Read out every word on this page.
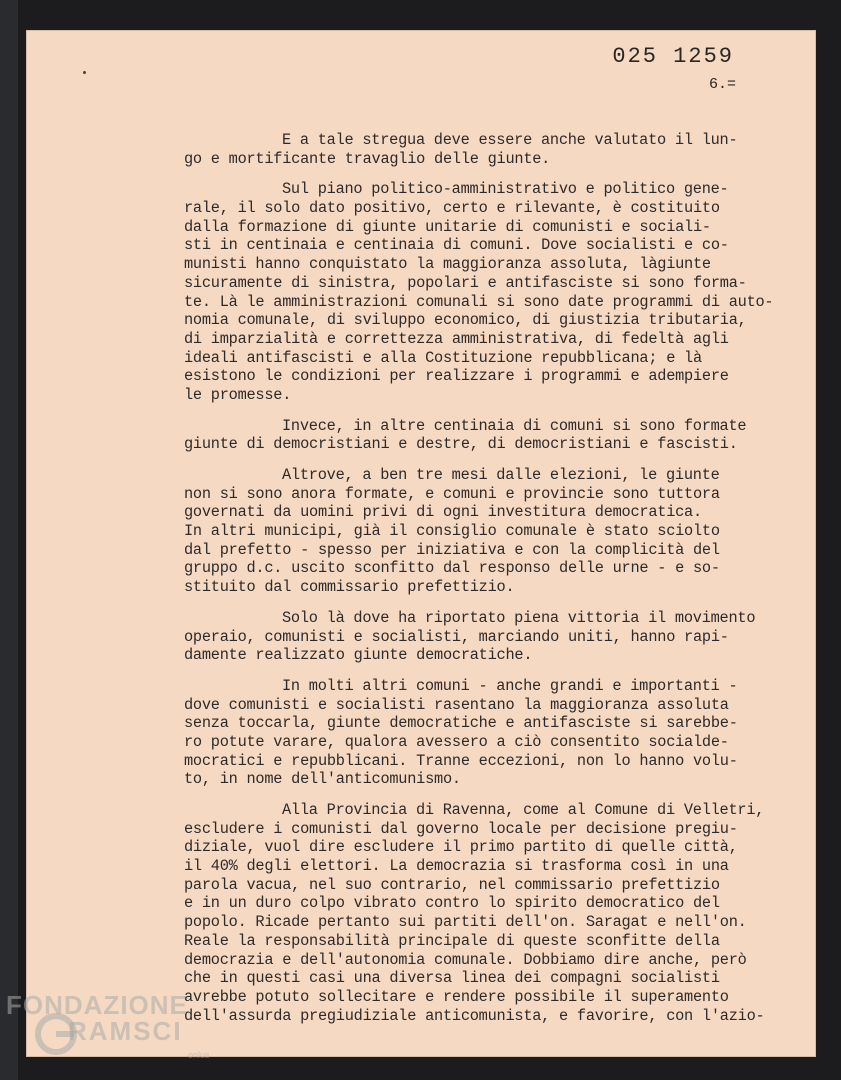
025 1259
6.=
E a tale stregua deve essere anche valutato il lun-
go e mortificante travaglio delle giunte.
Sul piano politico-amministrativo e politico gene-
rale, il solo dato positivo, certo e rilevante, è costituito
dalla formazione di giunte unitarie di comunisti e sociali-
sti in centinaia e centinaia di comuni. Dove socialisti e co-
munisti hanno conquistato la maggioranza assoluta, làgiunte
sicuramente di sinistra, popolari e antifasciste si sono forma-
te. Là le amministrazioni comunali si sono date programmi di auto-
nomia comunale, di sviluppo economico, di giustizia tributaria,
di imparzialità e correttezza amministrativa, di fedeltà agli
ideali antifascisti e alla Costituzione repubblicana; e là
esistono le condizioni per realizzare i programmi e adempiere
le promesse.
Invece, in altre centinaia di comuni si sono formate
giunte di democristiani e destre, di democristiani e fascisti.
Altrove, a ben tre mesi dalle elezioni, le giunte
non si sono anora formate, e comuni e provincie sono tuttora
governati da uomini privi di ogni investitura democratica.
In altri municipi, già il consiglio comunale è stato sciolto
dal prefetto - spesso per iniziativa e con la complicità del
gruppo d.c. uscito sconfitto dal responso delle urne - e so-
stituito dal commissario prefettizio.
Solo là dove ha riportato piena vittoria il movimento
operaio, comunisti e socialisti, marciando uniti, hanno rapi-
damente realizzato giunte democratiche.
In molti altri comuni - anche grandi e importanti -
dove comunisti e socialisti rasentano la maggioranza assoluta
senza toccarla, giunte democratiche e antifasciste si sarebbe-
ro potute varare, qualora avessero a ciò consentito socialde-
mocratici e repubblicani. Tranne eccezioni, non lo hanno volu-
to, in nome dell'anticomunismo.
Alla Provincia di Ravenna, come al Comune di Velletri,
escludere i comunisti dal governo locale per decisione pregiu-
diziale, vuol dire escludere il primo partito di quelle città,
il 40% degli elettori. La democrazia si trasforma così in una
parola vacua, nel suo contrario, nel commissario prefettizio
e in un duro colpo vibrato contro lo spirito democratico del
popolo. Ricade pertanto sui partiti dell'on. Saragat e nell'on.
Reale la responsabilità principale di queste sconfitte della
democrazia e dell'autonomia comunale. Dobbiamo dire anche, però
che in questi casi una diversa linea dei compagni socialisti
avrebbe potuto sollecitare e rendere possibile il superamento
dell'assurda pregiudiziale anticomunista, e favorire, con l'azio-
FONDAZIONE
RAMSCI
onlus
